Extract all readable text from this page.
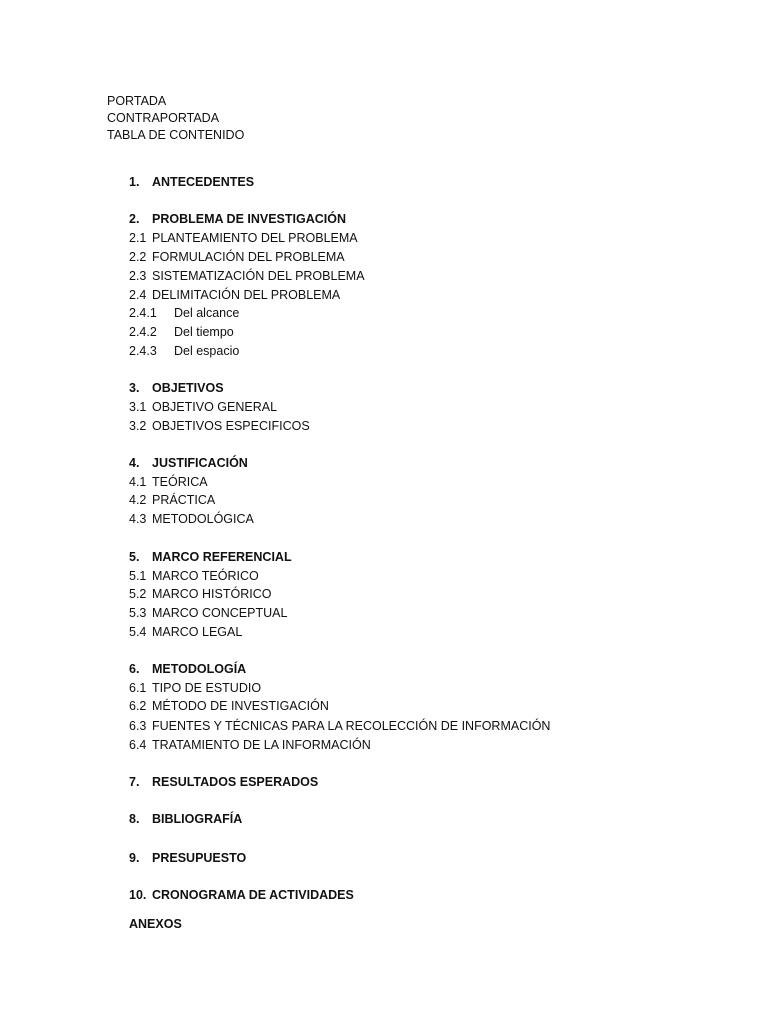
PORTADA
CONTRAPORTADA
TABLA DE CONTENIDO
1. ANTECEDENTES
2. PROBLEMA DE INVESTIGACIÓN
2.1 PLANTEAMIENTO DEL PROBLEMA
2.2 FORMULACIÓN DEL PROBLEMA
2.3 SISTEMATIZACIÓN DEL PROBLEMA
2.4 DELIMITACIÓN DEL PROBLEMA
2.4.1 Del alcance
2.4.2 Del tiempo
2.4.3 Del espacio
3. OBJETIVOS
3.1 OBJETIVO GENERAL
3.2 OBJETIVOS ESPECIFICOS
4. JUSTIFICACIÓN
4.1 TEÓRICA
4.2 PRÁCTICA
4.3 METODOLÓGICA
5. MARCO REFERENCIAL
5.1 MARCO TEÓRICO
5.2 MARCO HISTÓRICO
5.3 MARCO CONCEPTUAL
5.4 MARCO LEGAL
6. METODOLOGÍA
6.1 TIPO DE ESTUDIO
6.2 MÉTODO DE INVESTIGACIÓN
6.3 FUENTES Y TÉCNICAS PARA LA RECOLECCIÓN DE INFORMACIÓN
6.4 TRATAMIENTO DE LA INFORMACIÓN
7. RESULTADOS ESPERADOS
8. BIBLIOGRAFÍA
9. PRESUPUESTO
10. CRONOGRAMA DE ACTIVIDADES
ANEXOS
